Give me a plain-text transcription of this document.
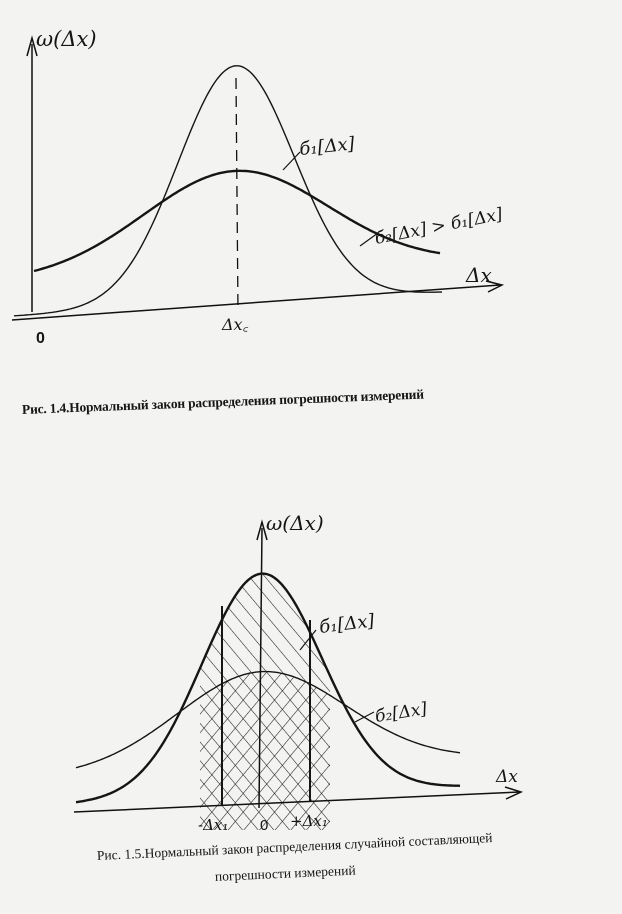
ω(Δx)
Δx
0
Δx꜀
б₁[Δx]
б₂[Δx] > б₁[Δx]
ω(Δx)
Δx
0
-Δx₁	+Δx₁
б₁[Δx]
б₂[Δx]
Рис. 1.4.Нормальный закон распределения погрешности измерений
Рис. 1.5.Нормальный закон распределения случайной составляющей
погрешности измерений
